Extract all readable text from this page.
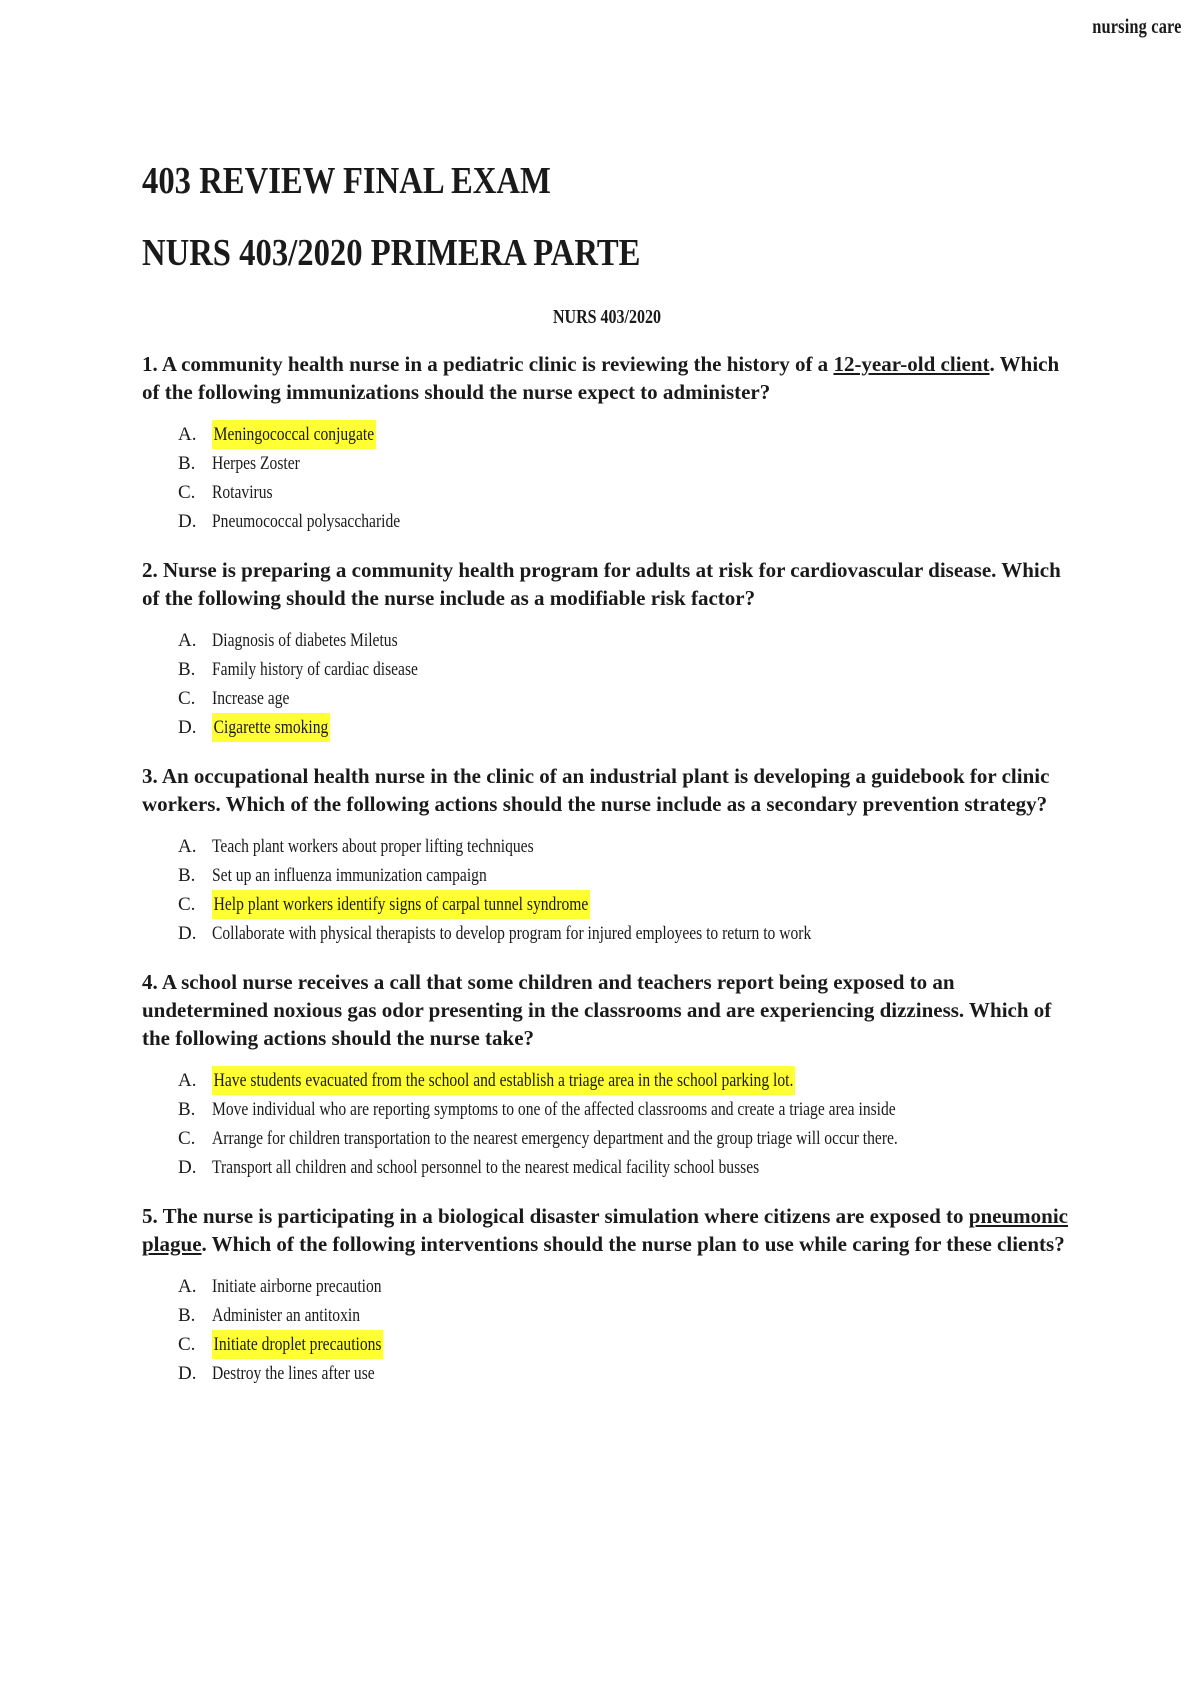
nursing care
403 REVIEW FINAL EXAM
NURS 403/2020 PRIMERA PARTE

NURS 403/2020

1. A community health nurse in a pediatric clinic is reviewing the history of a 12-year-old client. Which of the following immunizations should the nurse expect to administer?

A. Meningococcal conjugate
B. Herpes Zoster
C. Rotavirus
D. Pneumococcal polysaccharide

2. Nurse is preparing a community health program for adults at risk for cardiovascular disease. Which of the following should the nurse include as a modifiable risk factor?

A. Diagnosis of diabetes Miletus
B. Family history of cardiac disease
C. Increase age
D. Cigarette smoking

3. An occupational health nurse in the clinic of an industrial plant is developing a guidebook for clinic workers. Which of the following actions should the nurse include as a secondary prevention strategy?

A. Teach plant workers about proper lifting techniques
B. Set up an influenza immunization campaign
C. Help plant workers identify signs of carpal tunnel syndrome
D. Collaborate with physical therapists to develop program for injured employees to return to work

4. A school nurse receives a call that some children and teachers report being exposed to an undetermined noxious gas odor presenting in the classrooms and are experiencing dizziness. Which of the following actions should the nurse take?

A. Have students evacuated from the school and establish a triage area in the school parking lot.
B. Move individual who are reporting symptoms to one of the affected classrooms and create a triage area inside
C. Arrange for children transportation to the nearest emergency department and the group triage will occur there.
D. Transport all children and school personnel to the nearest medical facility school busses

5. The nurse is participating in a biological disaster simulation where citizens are exposed to pneumonic plague. Which of the following interventions should the nurse plan to use while caring for these clients?

A. Initiate airborne precaution
B. Administer an antitoxin
C. Initiate droplet precautions
D. Destroy the lines after use
